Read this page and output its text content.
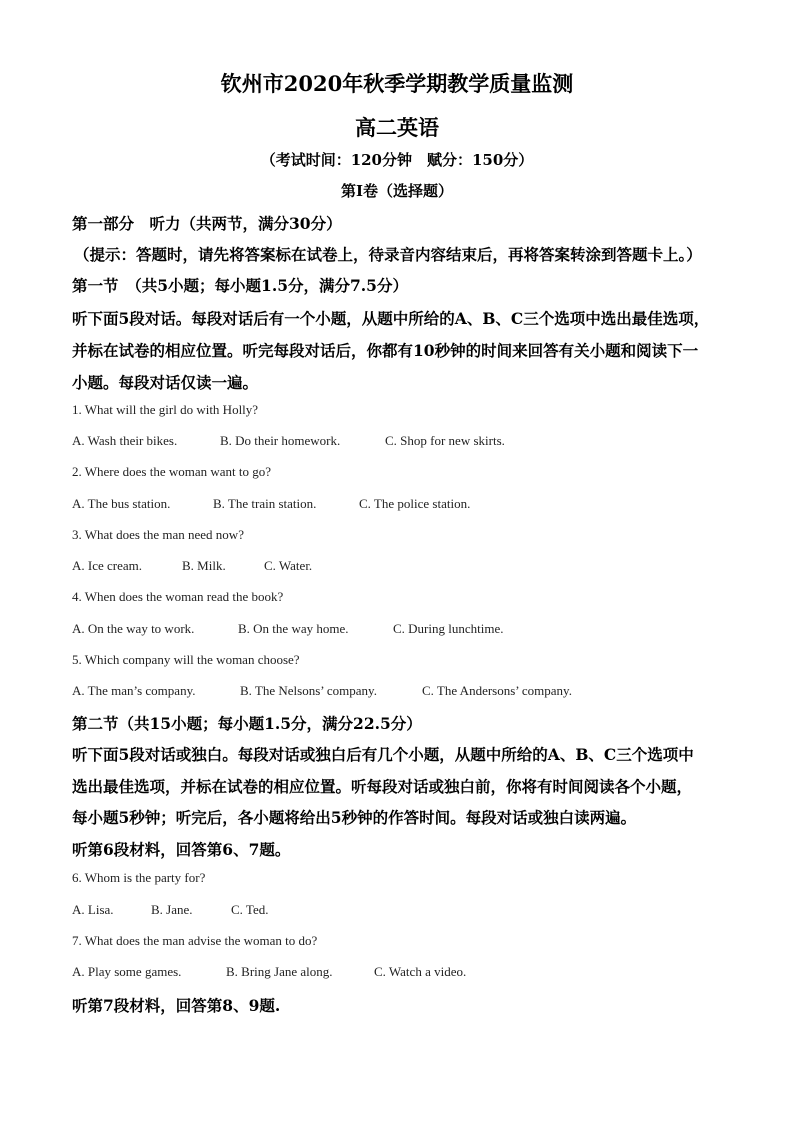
钦州市2020年秋季学期教学质量监测
高二英语
（考试时间：120分钟　赋分：150分）
第Ⅰ卷（选择题）
第一部分　听力（共两节，满分30分）
（提示：答题时，请先将答案标在试卷上，待录音内容结束后，再将答案转涂到答题卡上。）
第一节　（共5小题；每小题1.5分，满分7.5分）
听下面5段对话。每段对话后有一个小题，从题中所给的A、B、C三个选项中选出最佳选项，
并标在试卷的相应位置。听完每段对话后，你都有10秒钟的时间来回答有关小题和阅读下一
小题。每段对话仅读一遍。
1. What will the girl do with Holly?
A. Wash their bikes.	B. Do their homework.	C. Shop for new skirts.
2. Where does the woman want to go?
A. The bus station.	B. The train station.	C. The police station.
3. What does the man need now?
A. Ice cream.	B. Milk.	C. Water.
4. When does the woman read the book?
A. On the way to work.	B. On the way home.	C. During lunchtime.
5. Which company will the woman choose?
A. The man’s company.	B. The Nelsons’ company.	C. The Andersons’ company.
第二节（共15小题；每小题1.5分，满分22.5分）
听下面5段对话或独白。每段对话或独白后有几个小题，从题中所给的A、B、C三个选项中
选出最佳选项，并标在试卷的相应位置。听每段对话或独白前，你将有时间阅读各个小题，
每小题5秒钟；听完后，各小题将给出5秒钟的作答时间。每段对话或独白读两遍。
听第6段材料，回答第6、7题。
6. Whom is the party for?
A. Lisa.	B. Jane.	C. Ted.
7. What does the man advise the woman to do?
A. Play some games.	B. Bring Jane along.	C. Watch a video.
听第7段材料，回答第8、9题.
